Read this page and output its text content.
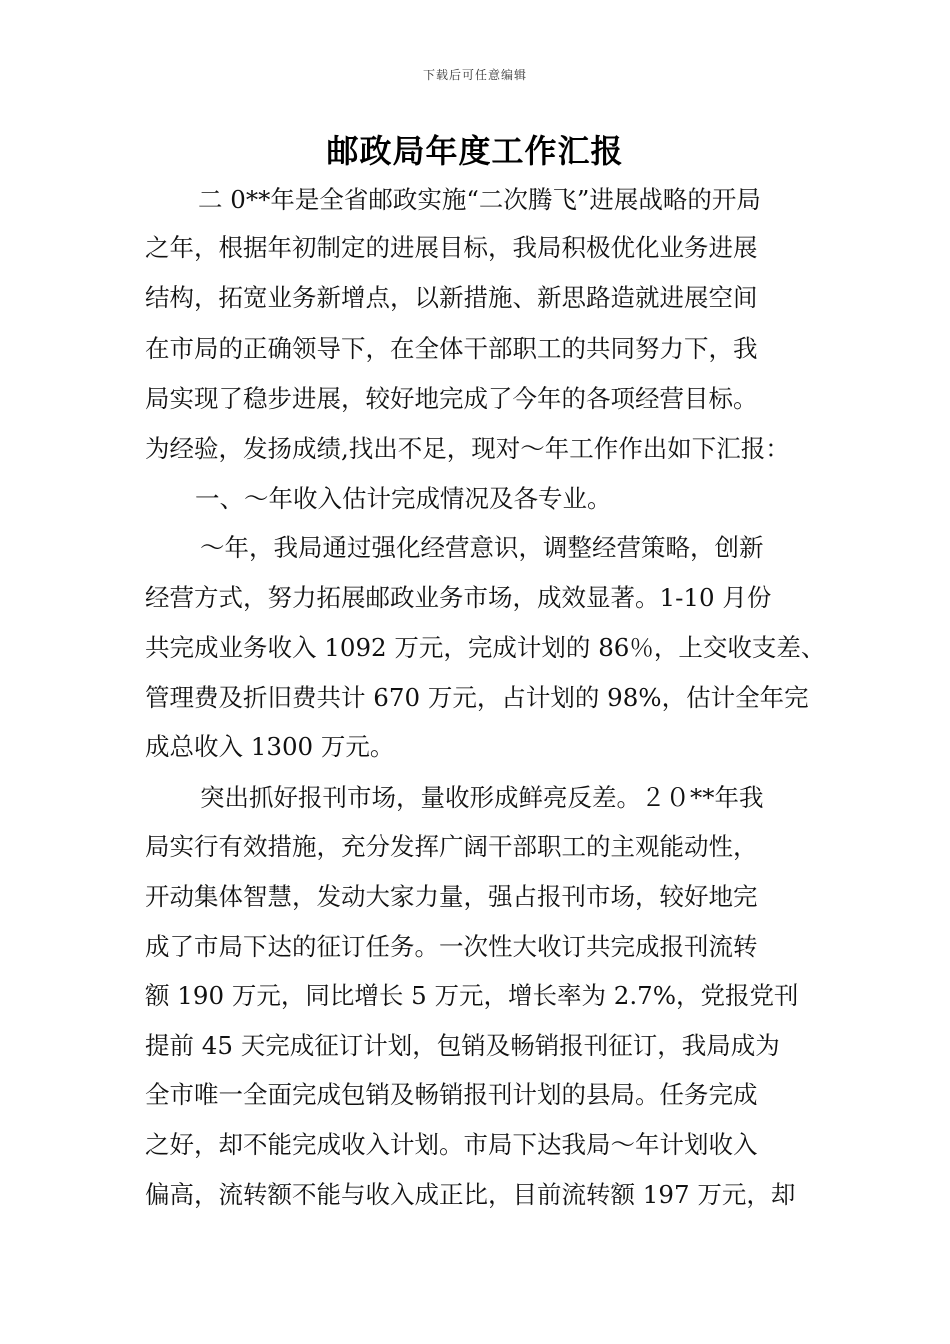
下载后可任意编辑
邮政局年度工作汇报
二 0**年是全省邮政实施“二次腾飞”进展战略的开局
之年，根据年初制定的进展目标，我局积极优化业务进展
结构，拓宽业务新增点，以新措施、新思路造就进展空间
在市局的正确领导下，在全体干部职工的共同努力下，我
局实现了稳步进展，较好地完成了今年的各项经营目标。
为经验，发扬成绩,找出不足，现对～年工作作出如下汇报：
一、～年收入估计完成情况及各专业。
～年，我局通过强化经营意识，调整经营策略，创新
经营方式，努力拓展邮政业务市场，成效显著。1-10 月份
共完成业务收入 1092 万元，完成计划的 86％，上交收支差、
管理费及折旧费共计 670 万元，占计划的 98%，估计全年完
成总收入 1300 万元。
突出抓好报刊市场，量收形成鲜亮反差。２０**年我
局实行有效措施，充分发挥广阔干部职工的主观能动性，
开动集体智慧，发动大家力量，强占报刊市场，较好地完
成了市局下达的征订任务。一次性大收订共完成报刊流转
额 190 万元，同比增长 5 万元，增长率为 2.7%，党报党刊
提前 45 天完成征订计划，包销及畅销报刊征订，我局成为
全市唯一全面完成包销及畅销报刊计划的县局。任务完成
之好，却不能完成收入计划。市局下达我局～年计划收入
偏高，流转额不能与收入成正比，目前流转额 197 万元，却
